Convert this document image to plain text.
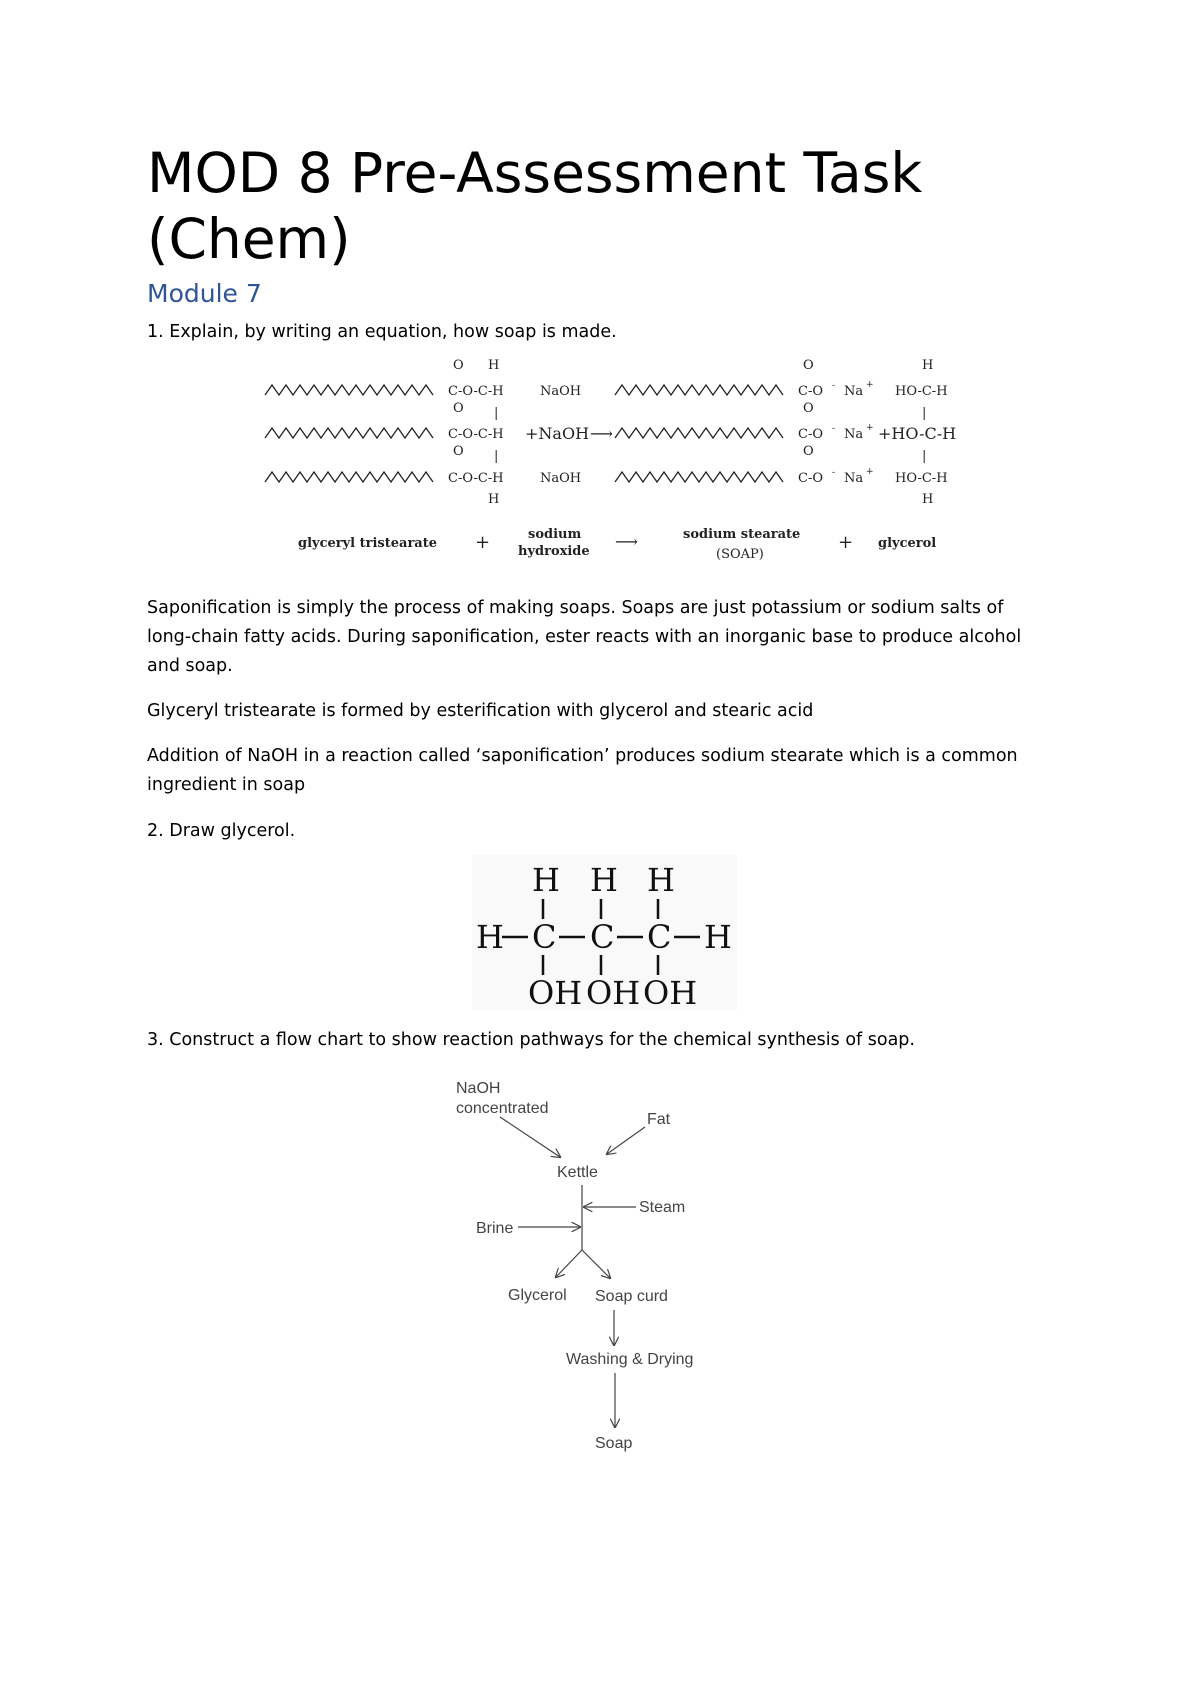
MOD 8 Pre-Assessment Task
(Chem)
Module 7
1. Explain, by writing an equation, how soap is made.
O H
C-O-C-H	NaOH
O
C-O - Na +
H
HO-C-H
|	|
O
C-O-C-H +NaOH ⟶
O
C-O - Na + +HO-C-H
|	|
O
C-O-C-H	NaOH
H
O
C-O - Na + HO-C-H
H
glyceryl tristearate +	sodium
hydroxide
⟶	sodium stearate
(SOAP)
+ glycerol
Saponification is simply the process of making soaps. Soaps are just potassium or sodium salts of
long-chain fatty acids. During saponification, ester reacts with an inorganic base to produce alcohol
and soap.
Glyceryl tristearate is formed by esterification with glycerol and stearic acid
Addition of NaOH in a reaction called ‘saponification’ produces sodium stearate which is a common
ingredient in soap
2. Draw glycerol.
H H H
H C C C H
OH OH OH
3. Construct a flow chart to show reaction pathways for the chemical synthesis of soap.
NaOH
concentrated
Fat
Kettle
Steam
Brine
Glycerol Soap curd
Washing & Drying
Soap
